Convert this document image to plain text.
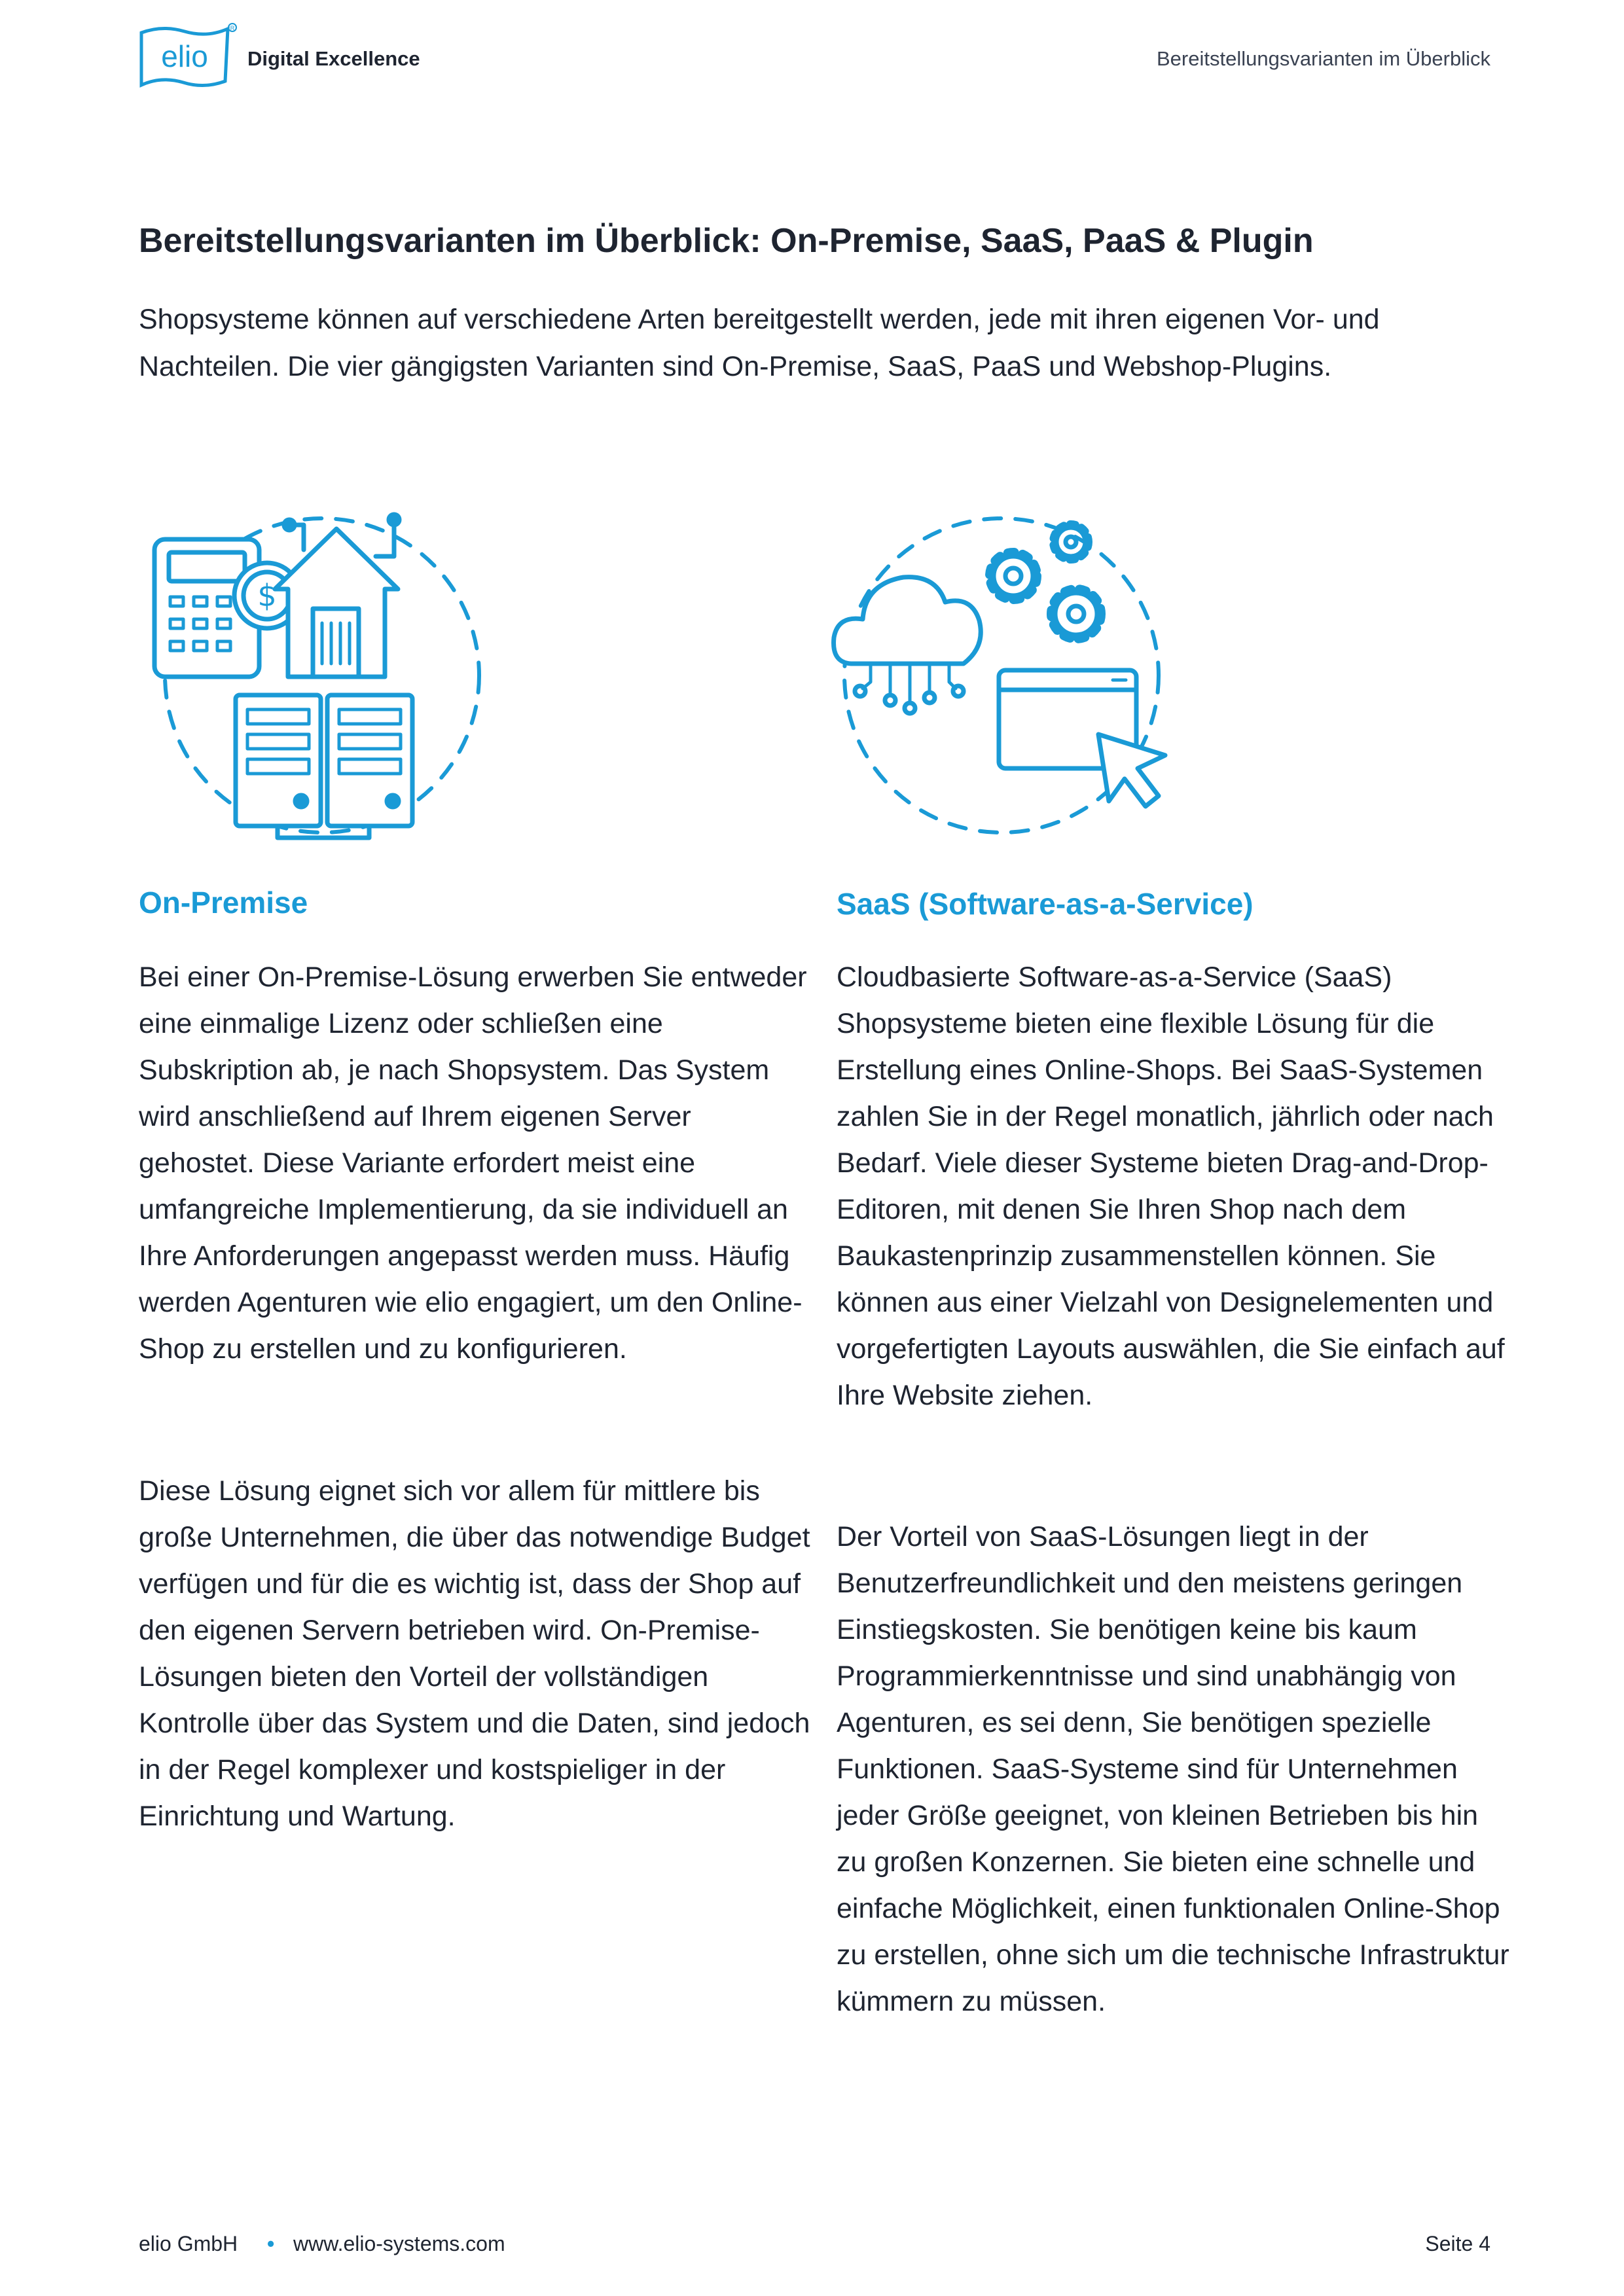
elio
R
Digital Excellence	Bereitstellungsvarianten im Überblick
Bereitstellungsvarianten im Überblick: On-Premise, SaaS, PaaS & Plugin

Shopsysteme können auf verschiedene Arten bereitgestellt werden, jede mit ihren eigenen Vor- und Nachteilen. Die vier gängigsten Varianten sind On-Premise, SaaS, PaaS und Webshop-Plugins.

$
On-Premise	SaaS (Software-as-a-Service)

Bei einer On-Premise-Lösung erwerben Sie entweder eine einmalige Lizenz oder schließen eine Subskription ab, je nach Shopsystem. Das System wird anschließend auf Ihrem eigenen Server gehostet. Diese Variante erfordert meist eine umfangreiche Implementierung, da sie individuell an Ihre Anforderungen angepasst werden muss. Häufig werden Agenturen wie elio engagiert, um den Online-Shop zu erstellen und zu konfigurieren.

Diese Lösung eignet sich vor allem für mittlere bis große Unternehmen, die über das notwendige Budget verfügen und für die es wichtig ist, dass der Shop auf den eigenen Servern betrieben wird. On-Premise-Lösungen bieten den Vorteil der vollständigen Kontrolle über das System und die Daten, sind jedoch in der Regel komplexer und kostspieliger in der Einrichtung und Wartung.

Cloudbasierte Software-as-a-Service (SaaS) Shopsysteme bieten eine flexible Lösung für die Erstellung eines Online-Shops. Bei SaaS-Systemen zahlen Sie in der Regel monatlich, jährlich oder nach Bedarf. Viele dieser Systeme bieten Drag-and-Drop-Editoren, mit denen Sie Ihren Shop nach dem Baukastenprinzip zusammenstellen können. Sie können aus einer Vielzahl von Designelementen und vorgefertigten Layouts auswählen, die Sie einfach auf Ihre Website ziehen.

Der Vorteil von SaaS-Lösungen liegt in der Benutzerfreundlichkeit und den meistens geringen Einstiegskosten. Sie benötigen keine bis kaum Programmierkenntnisse und sind unabhängig von Agenturen, es sei denn, Sie benötigen spezielle Funktionen. SaaS-Systeme sind für Unternehmen jeder Größe geeignet, von kleinen Betrieben bis hin zu großen Konzernen. Sie bieten eine schnelle und einfache Möglichkeit, einen funktionalen Online-Shop zu erstellen, ohne sich um die technische Infrastruktur kümmern zu müssen.

elio GmbH • www.elio-systems.com	Seite 4
